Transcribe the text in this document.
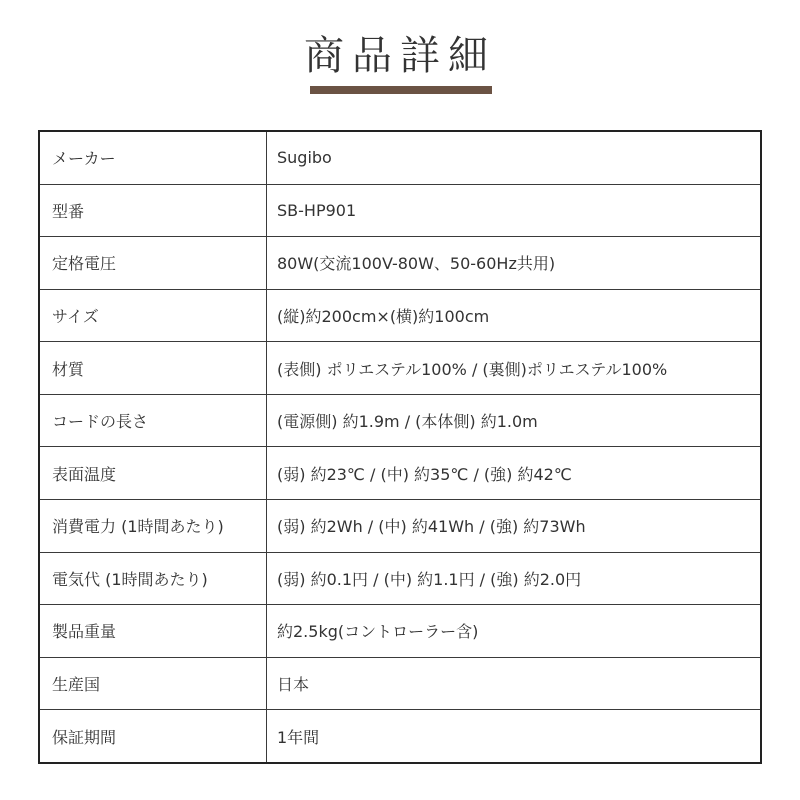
商品詳細
メーカー	Sugibo
型番	SB-HP901
定格電圧	80W(交流100V-80W、50-60Hz共用)
サイズ	(縦)約200cm×(横)約100cm
材質	(表側) ポリエステル100% / (裏側)ポリエステル100%
コードの長さ	(電源側) 約1.9m / (本体側) 約1.0m
表面温度	(弱) 約23℃ / (中) 約35℃ / (強) 約42℃
消費電力 (1時間あたり)	(弱) 約2Wh / (中) 約41Wh / (強) 約73Wh
電気代 (1時間あたり)	(弱) 約0.1円 / (中) 約1.1円 / (強) 約2.0円
製品重量	約2.5kg(コントローラー含)
生産国	日本
保証期間	1年間
